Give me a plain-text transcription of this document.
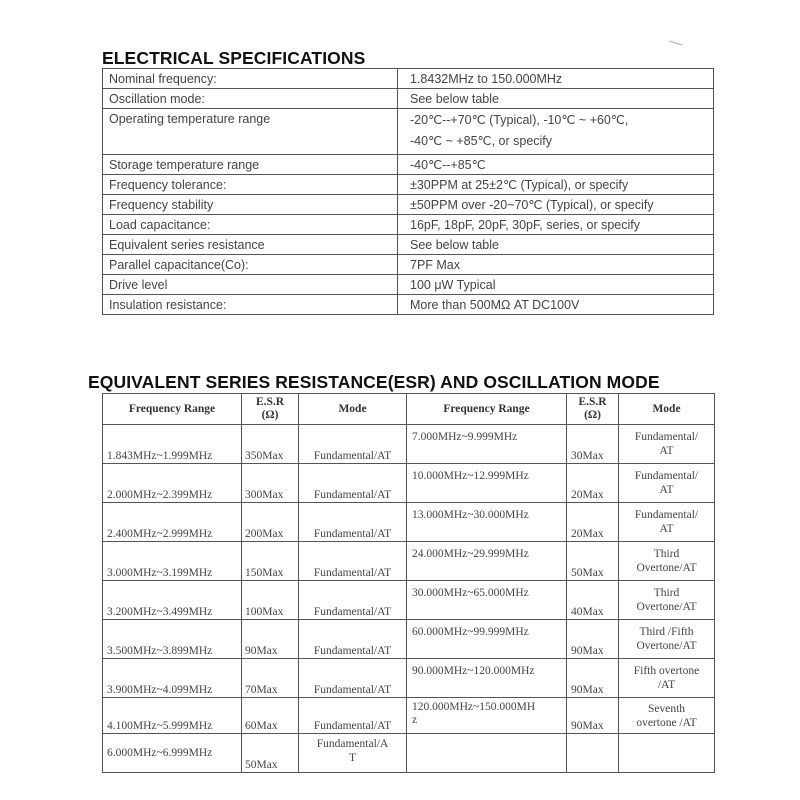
ELECTRICAL SPECIFICATIONS
Nominal frequency:	1.8432MHz to 150.000MHz
Oscillation mode:	See below table
Operating temperature range	-20℃--+70℃ (Typical), -10℃ ~ +60℃,
-40℃ ~ +85℃, or specify

Storage temperature range	-40℃--+85℃
Frequency tolerance:	±30PPM at 25±2℃ (Typical), or specify
Frequency stability	±50PPM over -20~70℃ (Typical), or specify
Load capacitance:	16pF, 18pF, 20pF, 30pF, series, or specify
Equivalent series resistance	See below table
Parallel capacitance(Co):	7PF Max
Drive level	100 μW Typical
Insulation resistance:	More than 500MΩ AT DC100V
EQUIVALENT SERIES RESISTANCE(ESR) AND OSCILLATION MODE
Frequency Range	E.S.R
(Ω)	Mode	Frequency Range	E.S.R
(Ω)	Mode
1.843MHz~1.999MHz	350Max	Fundamental/AT	7.000MHz~9.999MHz	30Max	Fundamental/
AT
2.000MHz~2.399MHz	300Max	Fundamental/AT	10.000MHz~12.999MHz	20Max	Fundamental/
AT
2.400MHz~2.999MHz	200Max	Fundamental/AT	13.000MHz~30.000MHz	20Max	Fundamental/
AT
3.000MHz~3.199MHz	150Max	Fundamental/AT	24.000MHz~29.999MHz	50Max	Third
Overtone/AT
3.200MHz~3.499MHz	100Max	Fundamental/AT	30.000MHz~65.000MHz	40Max	Third
Overtone/AT
3.500MHz~3.899MHz	90Max	Fundamental/AT	60.000MHz~99.999MHz	90Max	Third /Fifth
Overtone/AT
3.900MHz~4.099MHz	70Max	Fundamental/AT	90.000MHz~120.000MHz	90Max	Fifth overtone
/AT
4.100MHz~5.999MHz	60Max	Fundamental/AT	120.000MHz~150.000MH
z	90Max	Seventh
overtone /AT
6.000MHz~6.999MHz	50Max	Fundamental/A
T			
